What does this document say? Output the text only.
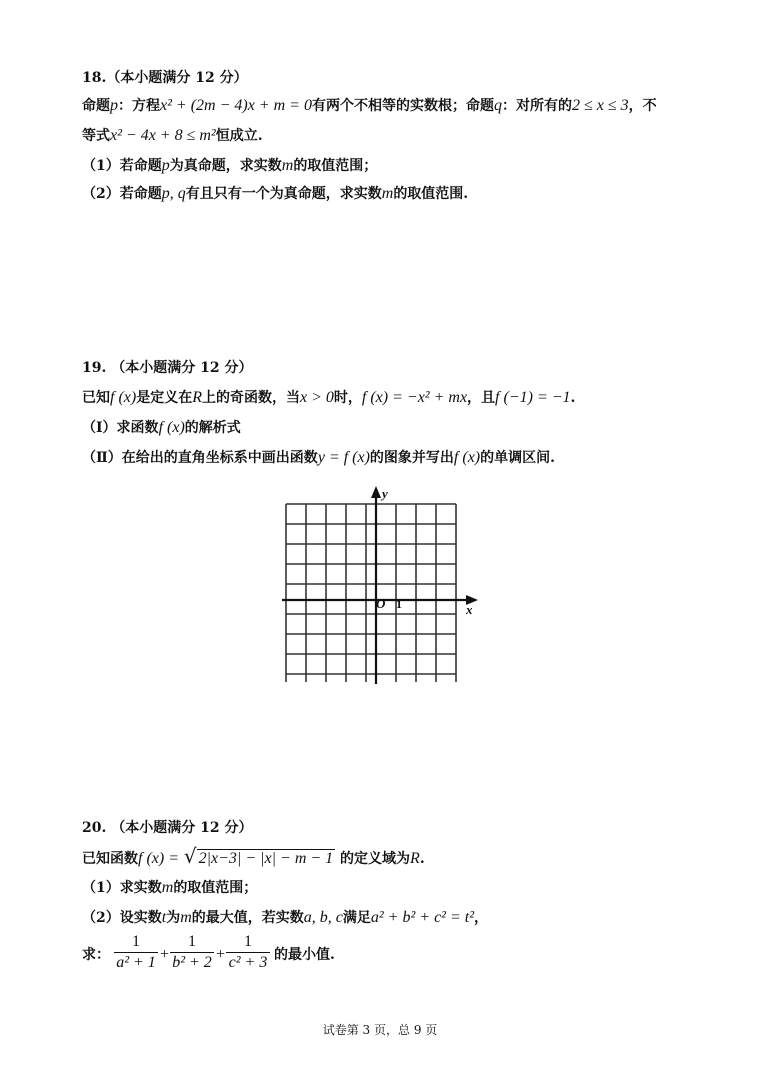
18.（本小题满分 12 分）
命题p：方程x² + (2m − 4)x + m = 0有两个不相等的实数根；命题q：对所有的2 ≤ x ≤ 3，不
等式x² − 4x + 8 ≤ m²恒成立.
（1）若命题p为真命题，求实数m的取值范围；
（2）若命题p, q有且只有一个为真命题，求实数m的取值范围.
19. （本小题满分 12 分）
已知f (x)是定义在R上的奇函数，当x > 0时，f (x) = −x² + mx，且f (−1) = −1.
（Ⅰ）求函数f (x)的解析式
（Ⅱ）在给出的直角坐标系中画出函数y = f (x)的图象并写出f (x)的单调区间.
y
x
O 1
20. （本小题满分 12 分）
已知函数f (x) = √ 2|x−3| − |x| − m − 1 的定义域为R.
（1）求实数m的取值范围；
（2）设实数t为m的最大值，若实数a, b, c满足a² + b² + c² = t²，
求：
1
a² + 1 +
1
b² + 2 +
1
c² + 3 的最小值.
试卷第 3 页，总 9 页
